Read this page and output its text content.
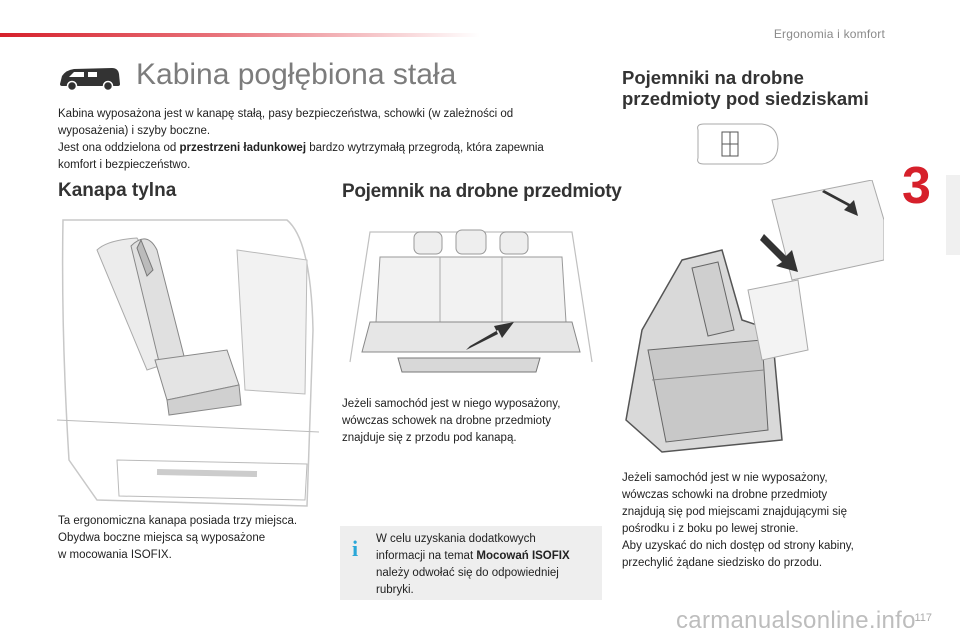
Ergonomia i komfort
3
Kabina pogłębiona stała
Kabina wyposażona jest w kanapę stałą, pasy bezpieczeństwa, schowki (w zależności od
wyposażenia) i szyby boczne.
Jest ona oddzielona od przestrzeni ładunkowej bardzo wytrzymałą przegrodą, która zapewnia
komfort i bezpieczeństwo.
Kanapa tylna
Ta ergonomiczna kanapa posiada trzy miejsca.
Obydwa boczne miejsca są wyposażone
w mocowania ISOFIX.
Pojemnik na drobne przedmioty
Jeżeli samochód jest w niego wyposażony,
wówczas schowek na drobne przedmioty
znajduje się z przodu pod kanapą.
i W celu uzyskania dodatkowych
informacji na temat Mocowań ISOFIX
należy odwołać się do odpowiedniej
rubryki.
Pojemniki na drobne
przedmioty pod siedziskami
Jeżeli samochód jest w nie wyposażony,
wówczas schowki na drobne przedmioty
znajdują się pod miejscami znajdującymi się
pośrodku i z boku po lewej stronie.
Aby uzyskać do nich dostęp od strony kabiny,
przechylić żądane siedzisko do przodu.
carmanualsonline.info
117
